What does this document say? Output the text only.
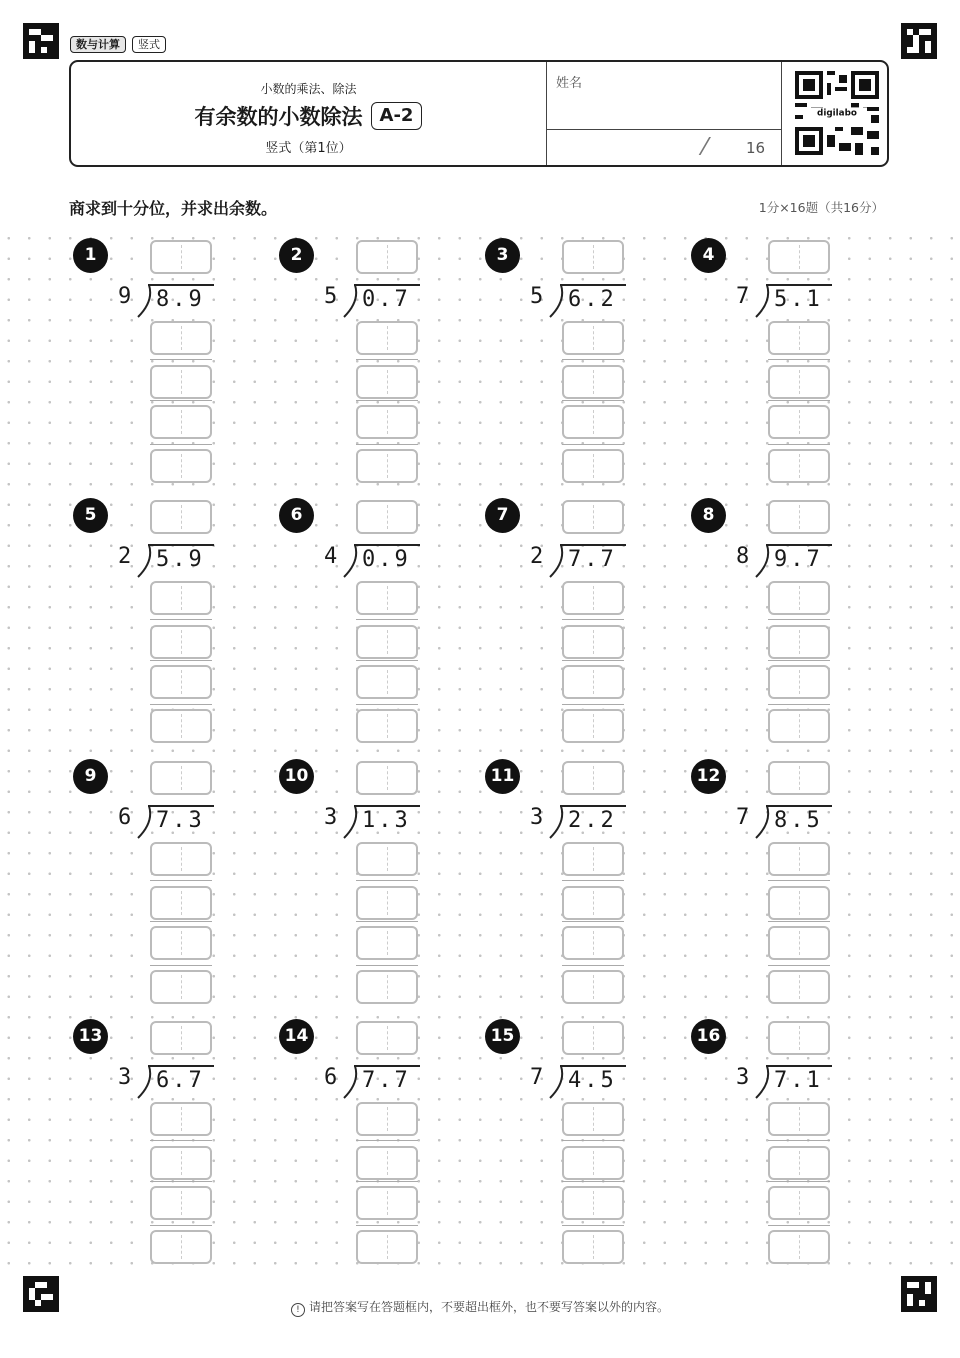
数与计算	竖式
小数的乘法、除法
有余数的小数除法 A-2
竖式（第1位）
姓名
/ 16
digilabo
商求到十分位，并求出余数。	1分×16题（共16分）
1
9 8.9
2
5 0.7
3
5 6.2
4
7 5.1
5
2 5.9
6
4 0.9
7
2 7.7
8
8 9.7
9
6 7.3
10
3 1.3
11
3 2.2
12
7 8.5
13
3 6.7
14
6 7.7
15
7 4.5
16
3 7.1
! 请把答案写在答题框内，不要超出框外，也不要写答案以外的内容。
